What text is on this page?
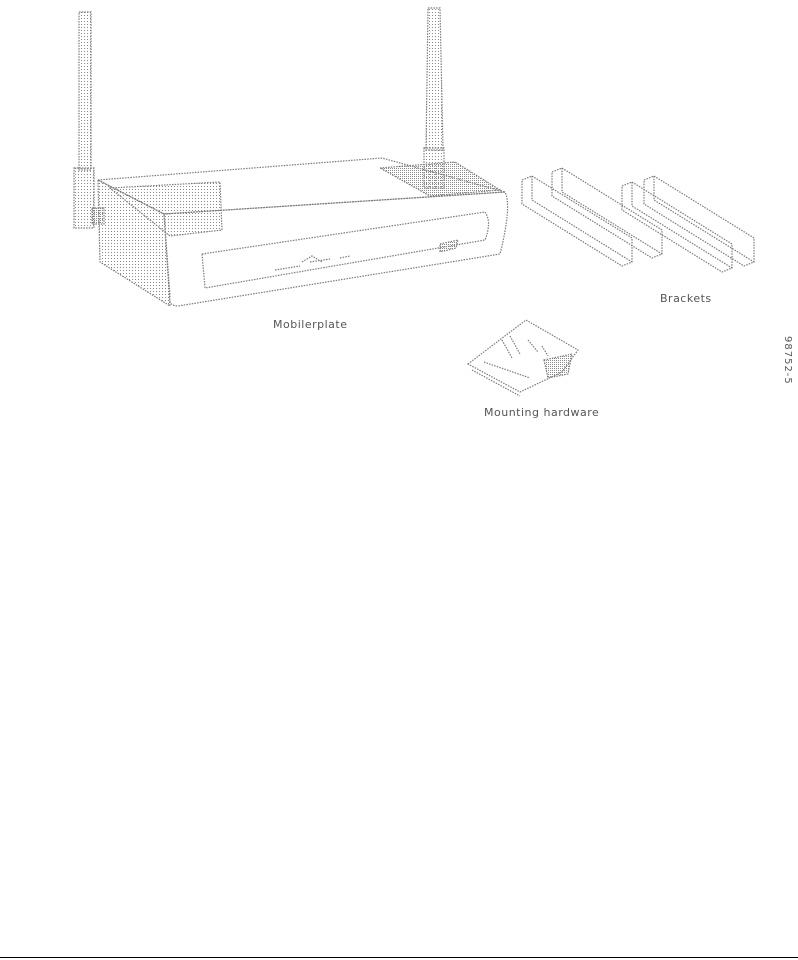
Mobilerplate
Brackets
Mounting hardware
98752-5
